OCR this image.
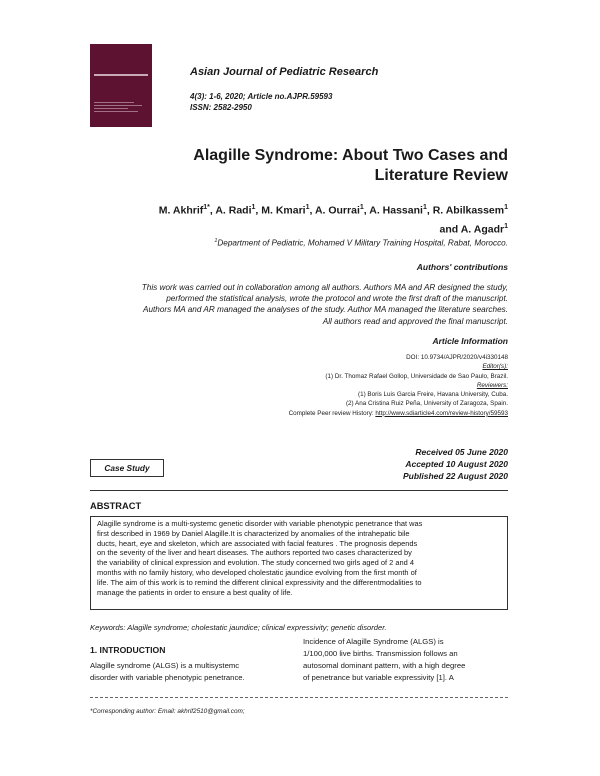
Asian Journal of Pediatric Research
4(3): 1-6, 2020; Article no.AJPR.59593
ISSN: 2582-2950
Alagille Syndrome: About Two Cases and
Literature Review
M. Akhrif$^{1*}$, A. Radi$^1$, M. Kmari$^1$, A. Ourrai$^1$, A. Hassani$^1$, R. Abilkassem$^1$
and A. Agadr$^1$
$^1$Department of Pediatric, Mohamed V Military Training Hospital, Rabat, Morocco.
Authors' contributions
This work was carried out in collaboration among all authors. Authors MA and AR designed the study,
performed the statistical analysis, wrote the protocol and wrote the first draft of the manuscript.
Authors MA and AR managed the analyses of the study. Author MA managed the literature searches.
All authors read and approved the final manuscript.
Article Information
DOI: 10.9734/AJPR/2020/v4i330148
Editor(s):
(1) Dr. Thomaz Rafael Gollop, Universidade de Sao Paulo, Brazil.
Reviewers:
(1) Boris Luis Garcia Freire, Havana University, Cuba.
(2) Ana Cristina Ruiz Peña, University of Zaragoza, Spain.
Complete Peer review History: http://www.sdiarticle4.com/review-history/59593
Case Study
Received 05 June 2020
Accepted 10 August 2020
Published 22 August 2020
ABSTRACT
Alagille syndrome is a multi-systemc genetic disorder with variable phenotypic penetrance that was
first described in 1969 by Daniel Alagille.It is characterized by anomalies of the intrahepatic bile
ducts, heart, eye and skeleton, which are associated with facial features . The prognosis depends
on the severity of the liver and heart diseases. The authors reported two cases characterized by
the variability of clinical expression and evolution. The study concerned two girls aged of 2 and 4
months with no family history, who developed cholestatic jaundice evolving from the first month of
life. The aim of this work is to remind the different clinical expressivity and the differentmodalities to
manage the patients in order to ensure a best quality of life.
Keywords: Alagille syndrome; cholestatic jaundice; clinical expressivity; genetic disorder.
1. INTRODUCTION
Alagille syndrome (ALGS) is a multisystemc
disorder with variable phenotypic penetrance.
Incidence of Alagille Syndrome (ALGS) is
1/100,000 live births. Transmission follows an
autosomal dominant pattern, with a high degree
of penetrance but variable expressivity [1]. A
*Corresponding author: Email: akhrif2510@gmail.com;
